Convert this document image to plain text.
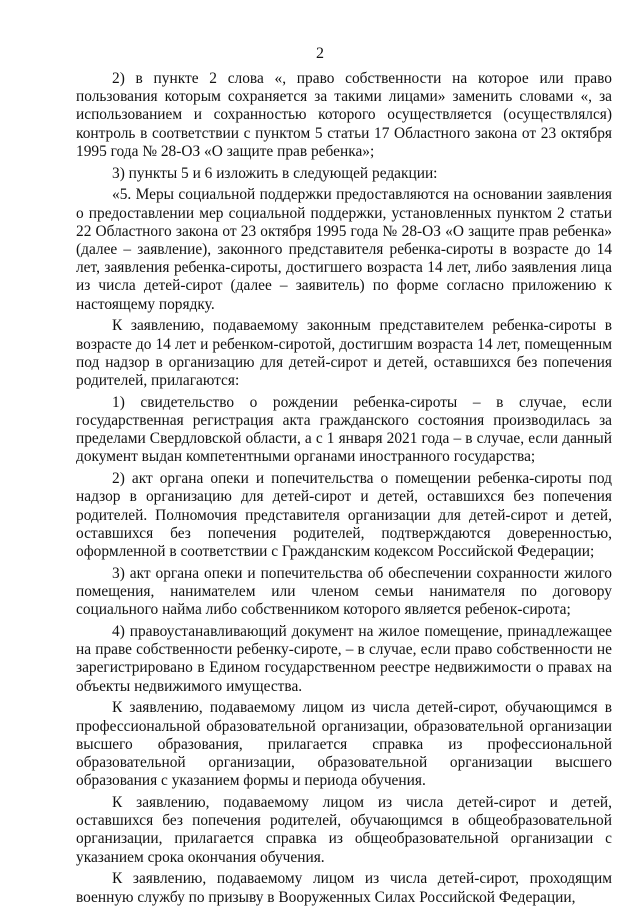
2

2) в пункте 2 слова «, право собственности на которое или право пользования которым сохраняется за такими лицами» заменить словами «, за использованием и сохранностью которого осуществляется (осуществлялся) контроль в соответствии с пунктом 5 статьи 17 Областного закона от 23 октября 1995 года № 28-ОЗ «О защите прав ребенка»;

3) пункты 5 и 6 изложить в следующей редакции:

«5. Меры социальной поддержки предоставляются на основании заявления о предоставлении мер социальной поддержки, установленных пунктом 2 статьи 22 Областного закона от 23 октября 1995 года № 28-ОЗ «О защите прав ребенка» (далее – заявление), законного представителя ребенка-сироты в возрасте до 14 лет, заявления ребенка-сироты, достигшего возраста 14 лет, либо заявления лица из числа детей-сирот (далее – заявитель) по форме согласно приложению к настоящему порядку.

К заявлению, подаваемому законным представителем ребенка-сироты в возрасте до 14 лет и ребенком-сиротой, достигшим возраста 14 лет, помещенным под надзор в организацию для детей-сирот и детей, оставшихся без попечения родителей, прилагаются:

1) свидетельство о рождении ребенка-сироты – в случае, если государственная регистрация акта гражданского состояния производилась за пределами Свердловской области, а с 1 января 2021 года – в случае, если данный документ выдан компетентными органами иностранного государства;

2) акт органа опеки и попечительства о помещении ребенка-сироты под надзор в организацию для детей-сирот и детей, оставшихся без попечения родителей. Полномочия представителя организации для детей-сирот и детей, оставшихся без попечения родителей, подтверждаются доверенностью, оформленной в соответствии с Гражданским кодексом Российской Федерации;

3) акт органа опеки и попечительства об обеспечении сохранности жилого помещения, нанимателем или членом семьи нанимателя по договору социального найма либо собственником которого является ребенок-сирота;

4) правоустанавливающий документ на жилое помещение, принадлежащее на праве собственности ребенку-сироте, – в случае, если право собственности не зарегистрировано в Едином государственном реестре недвижимости о правах на объекты недвижимого имущества.

К заявлению, подаваемому лицом из числа детей-сирот, обучающимся в профессиональной образовательной организации, образовательной организации высшего образования, прилагается справка из профессиональной образовательной организации, образовательной организации высшего образования с указанием формы и периода обучения.

К заявлению, подаваемому лицом из числа детей-сирот и детей, оставшихся без попечения родителей, обучающимся в общеобразовательной организации, прилагается справка из общеобразовательной организации с указанием срока окончания обучения.

К заявлению, подаваемому лицом из числа детей-сирот, проходящим военную службу по призыву в Вооруженных Силах Российской Федерации,
